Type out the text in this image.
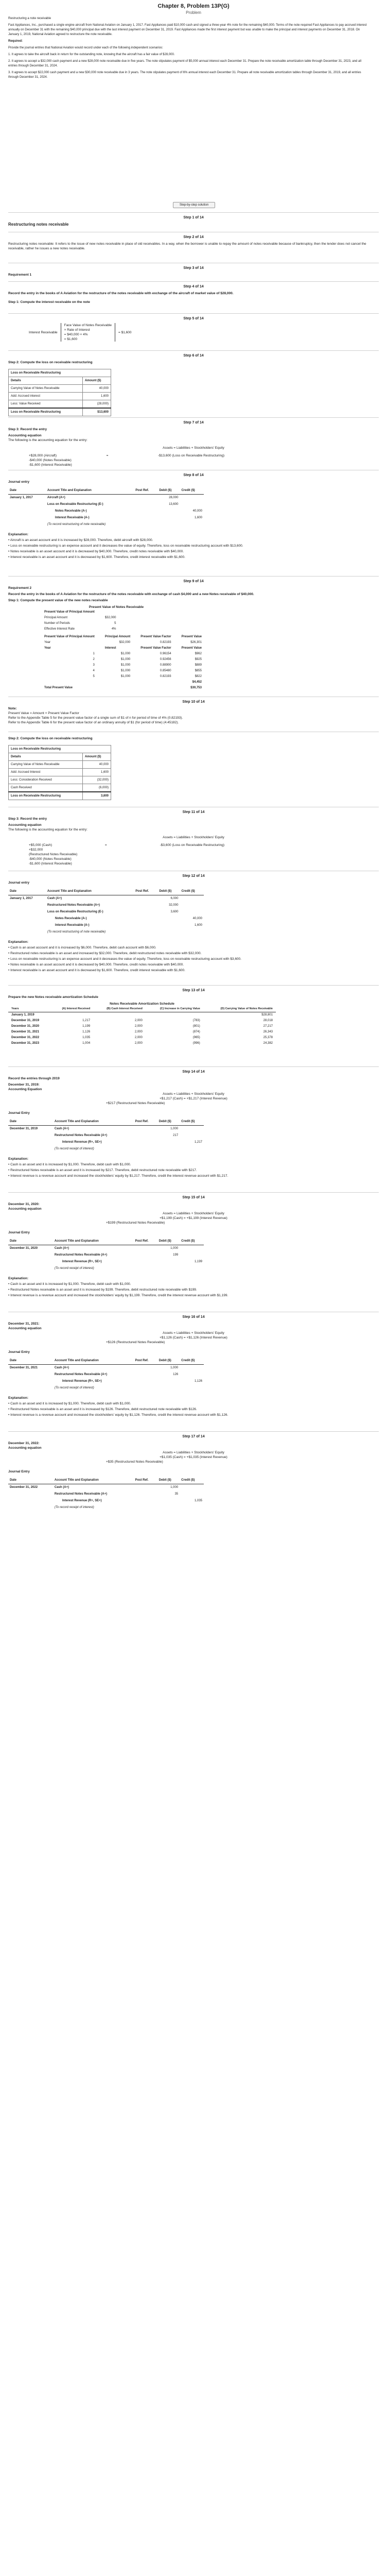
Chapter 8, Problem 13P(G)
Problem

Restructuring a note receivable

Fast Appliances, Inc., purchased a single engine aircraft from National Aviation on January 1, 2017. Fast Appliances paid $10,000 cash and signed a three-year 4% note for the remaining $40,000. Terms of the note required Fast Appliances to pay accrued interest annually on December 31 with the remaining $40,000 principal due with the last interest payment on December 31, 2019. Fast Appliances made the first interest payment but was unable to make the principal and interest payments on December 31, 2018. On January 1, 2019, National Aviation agreed to restructure the note receivable.

Required:

Provide the journal entries that National Aviation would record under each of the following independent scenarios:

1. It agrees to take the aircraft back in return for the outstanding note, knowing that the aircraft has a fair value of $28,000.

2. It agrees to accept a $32,000 cash payment and a new $28,000 note receivable due in five years. The note stipulates payment of $5,000 annual interest each December 31. Prepare the note receivable amortization table through December 31, 2023, and all entries through December 31, 2024.

3. It agrees to accept $22,000 cash payment and a new $30,000 note receivable due in 3 years. The note stipulates payment of 6% annual interest each December 31. Prepare all note receivable amortization tables through December 31, 2019, and all entries through December 31, 2024.

Step-by-step solution
Step 1 of 14
Restructuring notes receivable
Step 2 of 14
Restructuring notes receivable: It refers to the issue of new notes receivable in place of old receivables. In a way, when the borrower is unable to repay the amount of notes receivable because of bankruptcy, then the lender does not cancel the receivable, rather he issues a new notes receivable.
Step 3 of 14
Requirement 1
Step 4 of 14
Record the entry in the books of A Aviation for the restructure of the notes receivable with exchange of the aircraft of market value of $28,000.
Step 1: Compute the interest receivable on the note
Step 5 of 14
Interest Receivable
Face Value of Notes Receivable
× Rate of Interest
= $40,000 × 4%
= $1,600
= $1,600
Step 6 of 14
Step 2: Compute the loss on receivable restructuring
Loss on Receivable Restructuring	
Details	Amount ($)
Carrying Value of Notes Receivable	40,000
Add: Accrued interest	1,600
Less: Value Received	(28,000)
Loss on Receivable Restructuring	$13,600
Step 7 of 14
Step 3: Record the entry
Accounting equation
The following is the accounting equation for the entry:
Assets = Liabilities + Stockholders' Equity
+$28,000 (Aircraft)	=	-$13,600 (Loss on Receivable Restructuring)
-$40,000 (Notes Receivable)
-$1,600 (Interest Receivable)
Step 8 of 14
Journal entry
Date	Account Title and Explanation	Post Ref.	Debit ($)	Credit ($)
January 1, 2017	Aircraft (A+)		28,000	
	Loss on Receivable Restructuring (E-)		13,600	
	Notes Receivable (A-)			40,000
	Interest Receivable (A-)			1,600
	(To record restructuring of note receivable)			
Explanation:
• Aircraft is an asset account and it is increased by $28,000. Therefore, debit aircraft with $28,000.
• Loss on receivable restructuring is an expense account and it decreases the value of equity. Therefore, loss on receivable restructuring account with $13,600.
• Notes receivable is an asset account and it is decreased by $40,000. Therefore, credit notes receivable with $40,000.
• Interest receivable is an asset account and it is decreased by $1,600. Therefore, credit interest receivable with $1,600.
Step 9 of 14
Requirement 2
Record the entry in the books of A Aviation for the restructure of the notes receivable with exchange of cash $4,000 and a new Notes receivable of $40,000.
Step 1: Compute the present value of the new notes receivable
Present Value of Notes Receivable
Present Value of Principal Amount	
Principal Amount	$32,000
Number of Periods	5
Effective Interest Rate	4%
Present Value of Principal Amount	Principal Amount	Present Value Factor	Present Value
Year	$32,000	0.82193	$26,301
Year	Interest	Present Value Factor	Present Value
1	$1,000	0.96154	$962
2	$1,000	0.92456	$925
3	$1,000	0.88900	$889
4	$1,000	0.85480	$855
5	$1,000	0.82193	$822
			$4,452
Total Present Value			$30,753
Step 10 of 14
Note:
Present Value = Amount × Present Value Factor
Refer to the Appendix Table 5 for the present value factor of a single sum of $1 of n for period of time of 4% (0.82193).
Refer to the Appendix Table 6 for the present value factor of an ordinary annuity of $1 (for period of time) (4.45182).
Step 2: Compute the loss on receivable restructuring
Loss on Receivable Restructuring	
Details	Amount ($)
Carrying Value of Notes Receivable	40,000
Add: Accrued Interest	1,600
Less: Consideration Received	(32,000)
Cash Received	(6,000)
Loss on Receivable Restructuring	3,600
Step 11 of 14
Step 3: Record the entry
Accounting equation
The following is the accounting equation for the entry:
Assets = Liabilities + Stockholders' Equity
+$5,000 (Cash)	=	-$3,600 (Loss on Receivable Restructuring)
+$32,000
(Restructured Notes Receivable)
-$40,000 (Notes Receivable)
-$1,600 (Interest Receivable)
Step 12 of 14
Journal entry
Date	Account Title and Explanation	Post Ref.	Debit ($)	Credit ($)
January 1, 2017	Cash (A+)		6,000	
	Restructured Notes Receivable (A+)		32,000	
	Loss on Receivable Restructuring (E-)		3,600	
	Notes Receivable (A-)			40,000
	Interest Receivable (A-)			1,600
	(To record restructuring of note receivable)			
Explanation:
• Cash is an asset account and it is increased by $6,000. Therefore, debit cash account with $6,000.
• Restructured notes receivable is an asset and increased by $32,000. Therefore, debit restructured notes receivable with $32,000.
• Loss on receivable restructuring is an expense account and it decreases the value of equity. Therefore, loss on receivable restructuring account with $3,600.
• Notes receivable is an asset account and it is decreased by $40,000. Therefore, credit notes receivable with $40,000.
• Interest receivable is an asset account and it is decreased by $1,600. Therefore, credit interest receivable with $1,600.
Step 13 of 14
Prepare the new Notes receivable amortization Schedule
Notes Receivable Amortization Schedule
Years	(A) Interest Received	(B) Cash Interest Received	(C) Increase in Carrying Value	(D) Carrying Value of Notes Receivable
January 1, 2019				$28,801
December 31, 2019	1,217	2,000	(783)	28,018
December 31, 2020	1,199	2,000	(801)	27,217
December 31, 2021	1,126	2,000	(874)	26,343
December 31, 2022	1,035	2,000	(965)	25,378
December 31, 2023	1,004	2,000	(996)	24,382
Step 14 of 14
Record the entries through 2019
December 31, 2019:
Accounting Equation
Assets = Liabilities + Stockholders' Equity
+$1,217 (Cash) = +$1,217 (Interest Revenue)
+$217 (Restructured Notes Receivable)
Journal Entry
Date	Account Title and Explanation	Post Ref.	Debit ($)	Credit ($)
December 31, 2019	Cash (A+)		1,000	
	Restructured Notes Receivable (A+)		217	
	Interest Revenue (R+, SE+)			1,217
	(To record receipt of interest)			
Explanation:
• Cash is an asset and it is increased by $1,000. Therefore, debit cash with $1,000.
• Restructured Notes receivable is an asset and it is increased by $217. Therefore, debit restructured note receivable with $217.
• Interest revenue is a revenue account and increased the stockholders' equity by $1,217. Therefore, credit the interest revenue account with $1,217.
Step 15 of 14
December 31, 2020:
Accounting equation
Assets = Liabilities + Stockholders' Equity
+$1,199 (Cash) = +$1,199 (Interest Revenue)
+$199 (Restructured Notes Receivable)
Journal Entry
Date	Account Title and Explanation	Post Ref.	Debit ($)	Credit ($)
December 31, 2020	Cash (A+)		1,000	
	Restructured Notes Receivable (A+)		199	
	Interest Revenue (R+, SE+)			1,199
	(To record receipt of interest)			
Explanation:
• Cash is an asset and it is increased by $1,000. Therefore, debit cash with $1,000.
• Restructured Notes receivable is an asset and it is increased by $199. Therefore, debit restructured note receivable with $199.
• Interest revenue is a revenue account and increased the stockholders' equity by $1,199. Therefore, credit the interest revenue account with $1,199.
Step 16 of 14
December 31, 2021:
Accounting equation
Assets = Liabilities + Stockholders' Equity
+$1,126 (Cash) = +$1,126 (Interest Revenue)
+$126 (Restructured Notes Receivable)
Journal Entry
Date	Account Title and Explanation	Post Ref.	Debit ($)	Credit ($)
December 31, 2021	Cash (A+)		1,000	
	Restructured Notes Receivable (A+)		126	
	Interest Revenue (R+, SE+)			1,126
	(To record receipt of interest)			
Explanation:
• Cash is an asset and it is increased by $1,000. Therefore, debit cash with $1,000.
• Restructured Notes receivable is an asset and it is increased by $126. Therefore, debit restructured note receivable with $126.
• Interest revenue is a revenue account and increased the stockholders' equity by $1,126. Therefore, credit the interest revenue account with $1,126.
Step 17 of 14
December 31, 2022:
Accounting equation
Assets = Liabilities + Stockholders' Equity
+$1,035 (Cash) = +$1,035 (Interest Revenue)
+$35 (Restructured Notes Receivable)
Journal Entry
Date	Account Title and Explanation	Post Ref.	Debit ($)	Credit ($)
December 31, 2022	Cash (A+)		1,000	
	Restructured Notes Receivable (A+)		35	
	Interest Revenue (R+, SE+)			1,035
	(To record receipt of interest)			
